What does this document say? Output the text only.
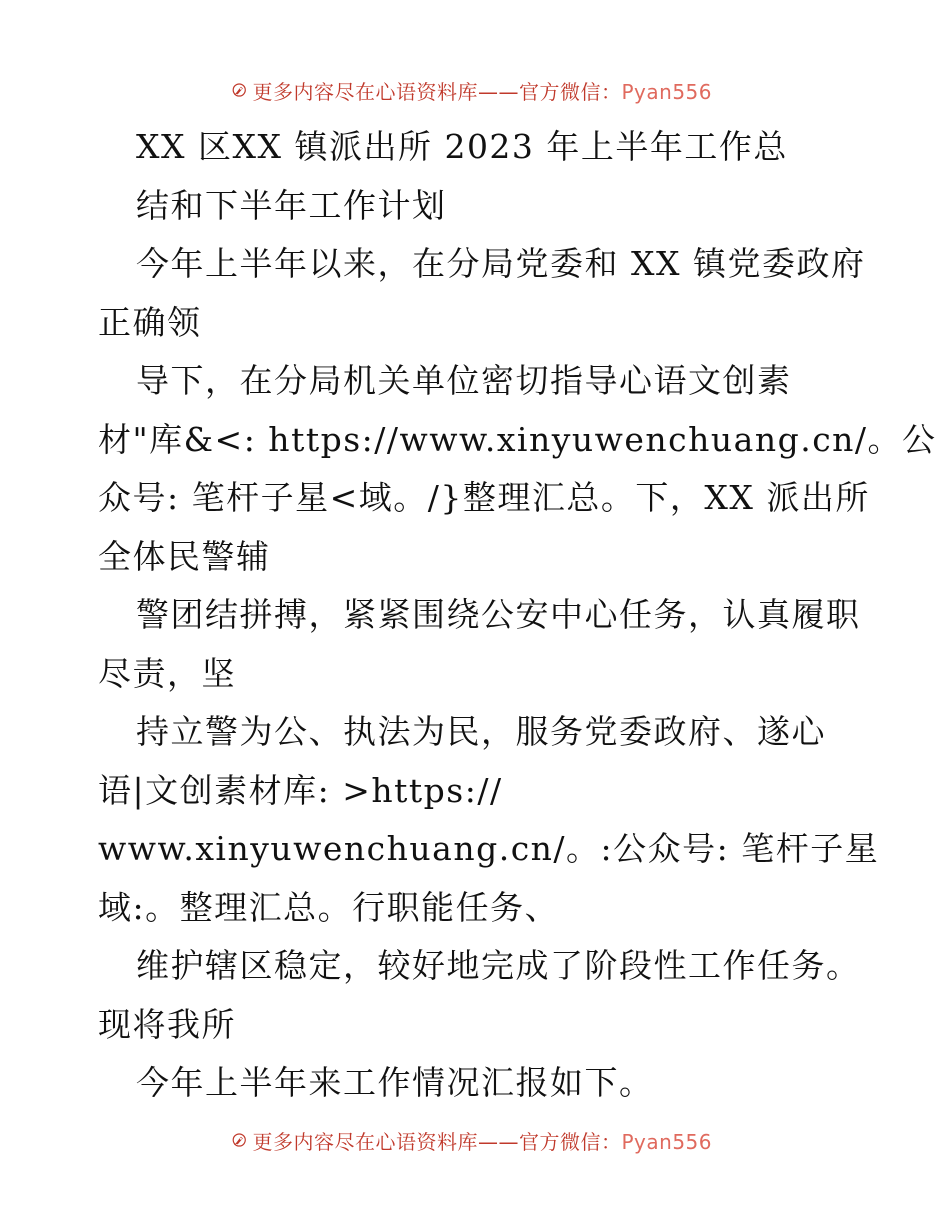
更多内容尽在心语资料库——官方微信：Pyan556
XX 区XX 镇派出所 2023 年上半年工作总
结和下半年工作计划
今年上半年以来，在分局党委和 XX 镇党委政府
正确领
导下，在分局机关单位密切指导心语文创素
材"库&<: https://www.xinyuwenchuang.cn/。公
众号: 笔杆子星<域。/}整理汇总。下，XX 派出所
全体民警辅
警团结拼搏，紧紧围绕公安中心任务，认真履职
尽责，坚
持立警为公、执法为民，服务党委政府、遂心
语|文创素材库: >https://
www.xinyuwenchuang.cn/。:公众号: 笔杆子星
域:。整理汇总。行职能任务、
维护辖区稳定，较好地完成了阶段性工作任务。
现将我所
今年上半年来工作情况汇报如下。
更多内容尽在心语资料库——官方微信：Pyan556
